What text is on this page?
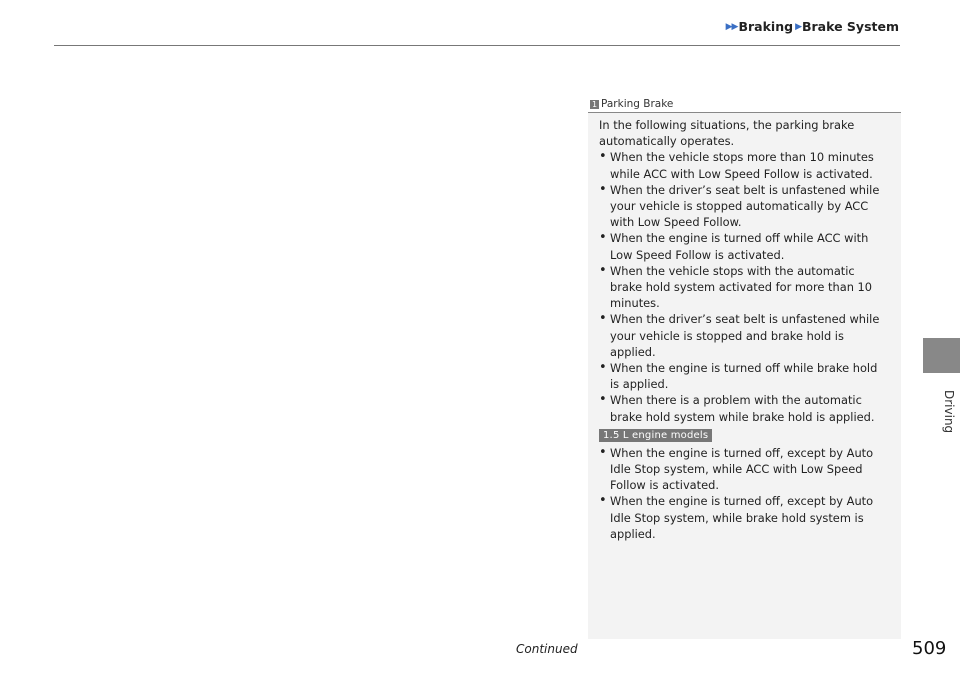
▶▶ Braking ▶ Brake System
Driving
1 Parking Brake

In the following situations, the parking brake automatically operates.

• When the vehicle stops more than 10 minutes while ACC with Low Speed Follow is activated.
• When the driver’s seat belt is unfastened while your vehicle is stopped automatically by ACC with Low Speed Follow.
• When the engine is turned off while ACC with Low Speed Follow is activated.
• When the vehicle stops with the automatic brake hold system activated for more than 10 minutes.
• When the driver’s seat belt is unfastened while your vehicle is stopped and brake hold is applied.
• When the engine is turned off while brake hold is applied.
• When there is a problem with the automatic brake hold system while brake hold is applied.
1.5 L engine models
• When the engine is turned off, except by Auto Idle Stop system, while ACC with Low Speed Follow is activated.
• When the engine is turned off, except by Auto Idle Stop system, while brake hold system is applied.
Continued	509
